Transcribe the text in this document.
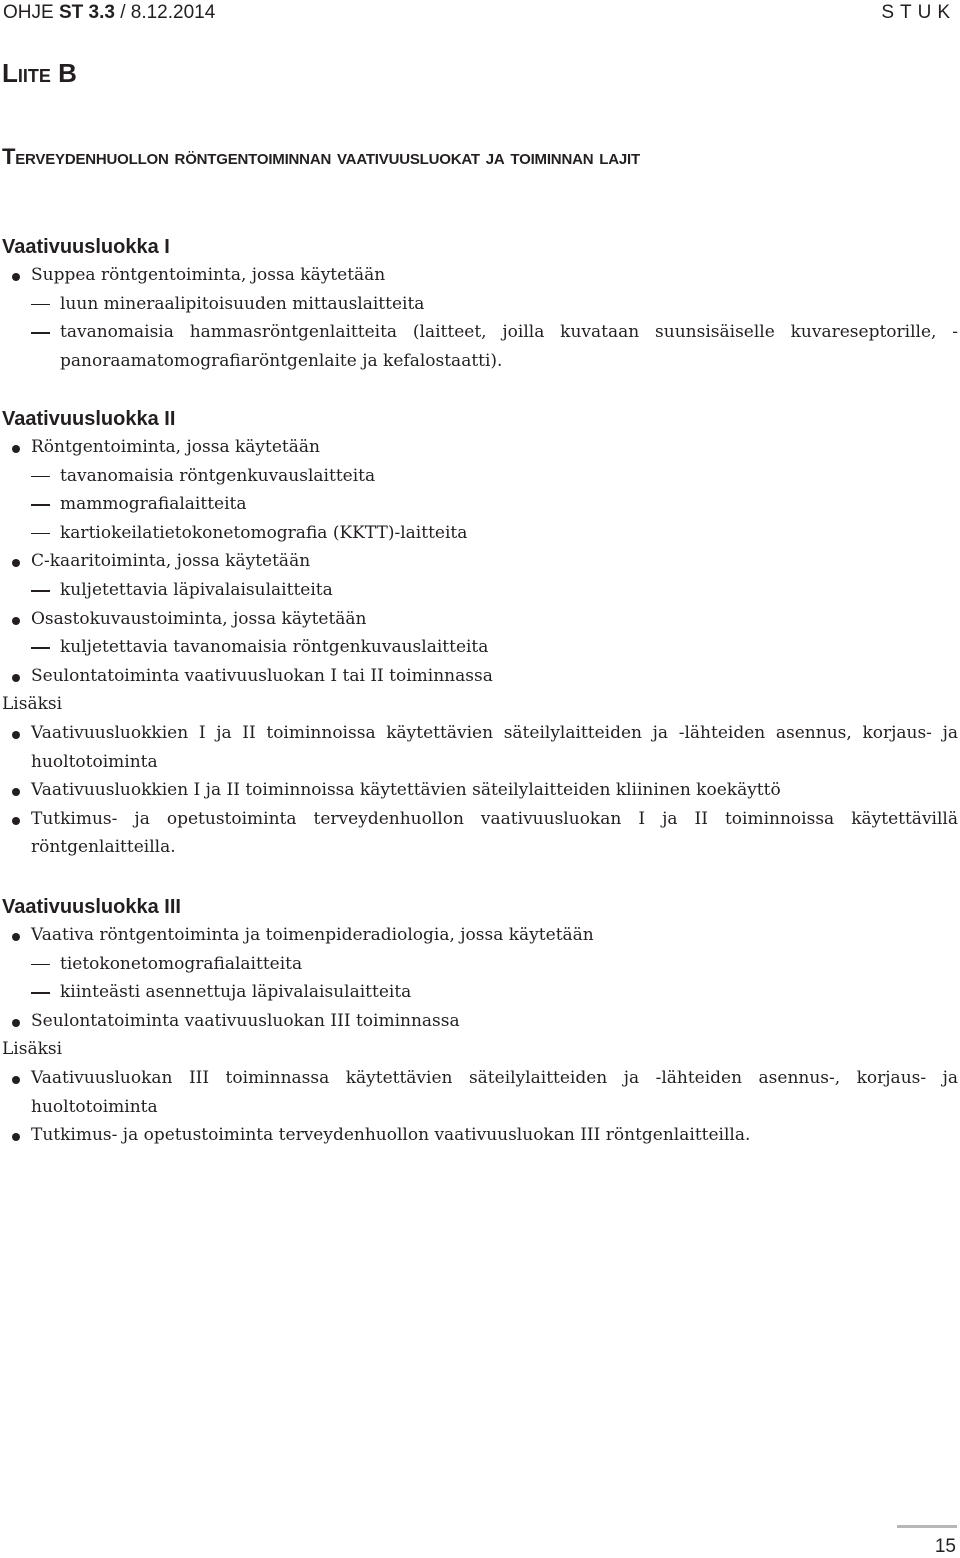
OHJE ST 3.3 / 8.12.2014	STUK
Liite B
Terveydenhuollon röntgentoiminnan vaativuusluokat ja toiminnan lajit
Vaativuusluokka I
Suppea röntgentoiminta, jossa käytetään
luun mineraalipitoisuuden mittauslaitteita
tavanomaisia hammasröntgenlaitteita (laitteet, joilla kuvataan suunsisäiselle kuvareseptorille, -panoraamatomografiaröntgenlaite ja kefalostaatti).
Vaativuusluokka II
Röntgentoiminta, jossa käytetään
tavanomaisia röntgenkuvauslaitteita
mammografialaitteita
kartiokeilatietokonetomografia (KKTT)-laitteita
C-kaaritoiminta, jossa käytetään
kuljetettavia läpivalaisulaitteita
Osastokuvaustoiminta, jossa käytetään
kuljetettavia tavanomaisia röntgenkuvauslaitteita
Seulontatoiminta vaativuusluokan I tai II toiminnassa
Lisäksi
Vaativuusluokkien I ja II toiminnoissa käytettävien säteilylaitteiden ja -lähteiden asennus, korjaus- ja huoltotoiminta
Vaativuusluokkien I ja II toiminnoissa käytettävien säteilylaitteiden kliininen koekäyttö
Tutkimus- ja opetustoiminta terveydenhuollon vaativuusluokan I ja II toiminnoissa käytettävillä röntgenlaitteilla.
Vaativuusluokka III
Vaativa röntgentoiminta ja toimenpideradiologia, jossa käytetään
tietokonetomografialaitteita
kiinteästi asennettuja läpivalaisulaitteita
Seulontatoiminta vaativuusluokan III toiminnassa
Lisäksi
Vaativuusluokan III toiminnassa käytettävien säteilylaitteiden ja -lähteiden asennus-, korjaus- ja huoltotoiminta
Tutkimus- ja opetustoiminta terveydenhuollon vaativuusluokan III röntgenlaitteilla.
15
